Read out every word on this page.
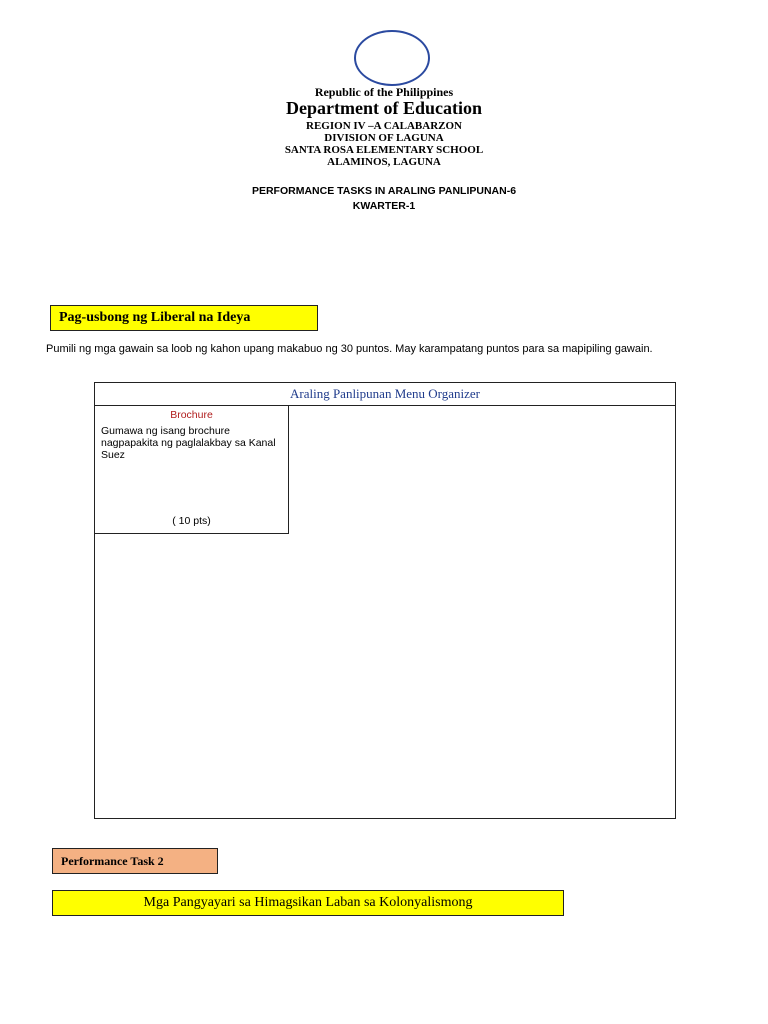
Republic of the Philippines
Department of Education
REGION IV –A CALABARZON
DIVISION OF LAGUNA
SANTA ROSA ELEMENTARY SCHOOL
ALAMINOS, LAGUNA
PERFORMANCE TASKS IN ARALING PANLIPUNAN-6
KWARTER-1
Pag-usbong ng Liberal na Ideya
Pumili ng mga gawain sa loob ng kahon upang makabuo ng 30 puntos. May karampatang puntos para sa mapipiling gawain.
Araling Panlipunan Menu Organizer
Brochure
Gumawa ng isang brochure nagpapakita ng paglalakbay sa Kanal
Suez
( 10 pts)
Performance Task 2
Mga Pangyayari sa Himagsikan Laban sa Kolonyalismong
